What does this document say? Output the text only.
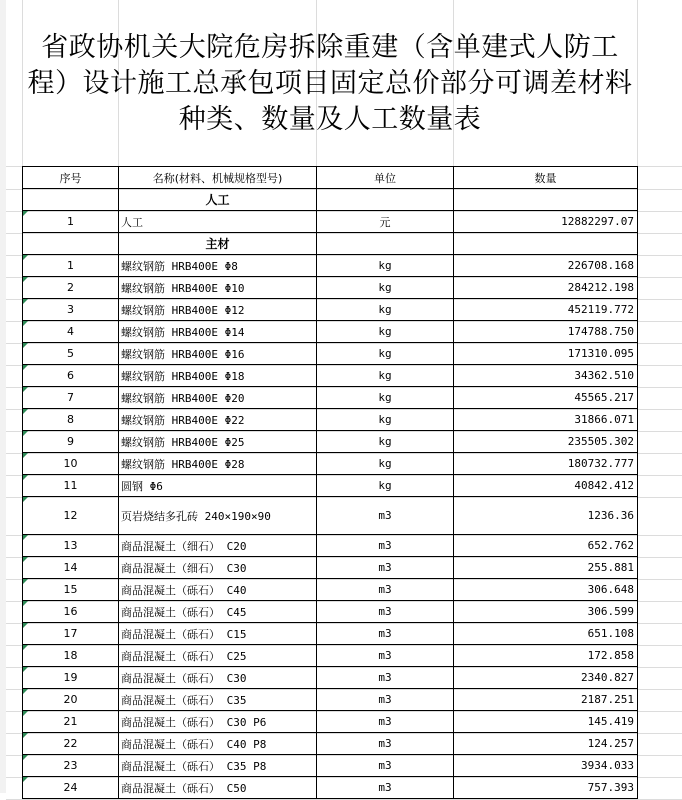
省政协机关大院危房拆除重建（含单建式人防工程）设计施工总承包项目固定总价部分可调差材料种类、数量及人工数量表
序号	名称(材料、机械规格型号)	单位	数量
	人工		
1	人工	元	12882297.07
	主材		
1	螺纹钢筋 HRB400E Φ8	kg	226708.168
2	螺纹钢筋 HRB400E Φ10	kg	284212.198
3	螺纹钢筋 HRB400E Φ12	kg	452119.772
4	螺纹钢筋 HRB400E Φ14	kg	174788.750
5	螺纹钢筋 HRB400E Φ16	kg	171310.095
6	螺纹钢筋 HRB400E Φ18	kg	34362.510
7	螺纹钢筋 HRB400E Φ20	kg	45565.217
8	螺纹钢筋 HRB400E Φ22	kg	31866.071
9	螺纹钢筋 HRB400E Φ25	kg	235505.302
10	螺纹钢筋 HRB400E Φ28	kg	180732.777
11	圆钢 Φ6	kg	40842.412
12	页岩烧结多孔砖 240×190×90	m3	1236.36
13	商品混凝土（细石） C20	m3	652.762
14	商品混凝土（细石） C30	m3	255.881
15	商品混凝土（砾石） C40	m3	306.648
16	商品混凝土（砾石） C45	m3	306.599
17	商品混凝土（砾石） C15	m3	651.108
18	商品混凝土（砾石） C25	m3	172.858
19	商品混凝土（砾石） C30	m3	2340.827
20	商品混凝土（砾石） C35	m3	2187.251
21	商品混凝土（砾石） C30 P6	m3	145.419
22	商品混凝土（砾石） C40 P8	m3	124.257
23	商品混凝土（砾石） C35 P8	m3	3934.033
24	商品混凝土（砾石） C50	m3	757.393
